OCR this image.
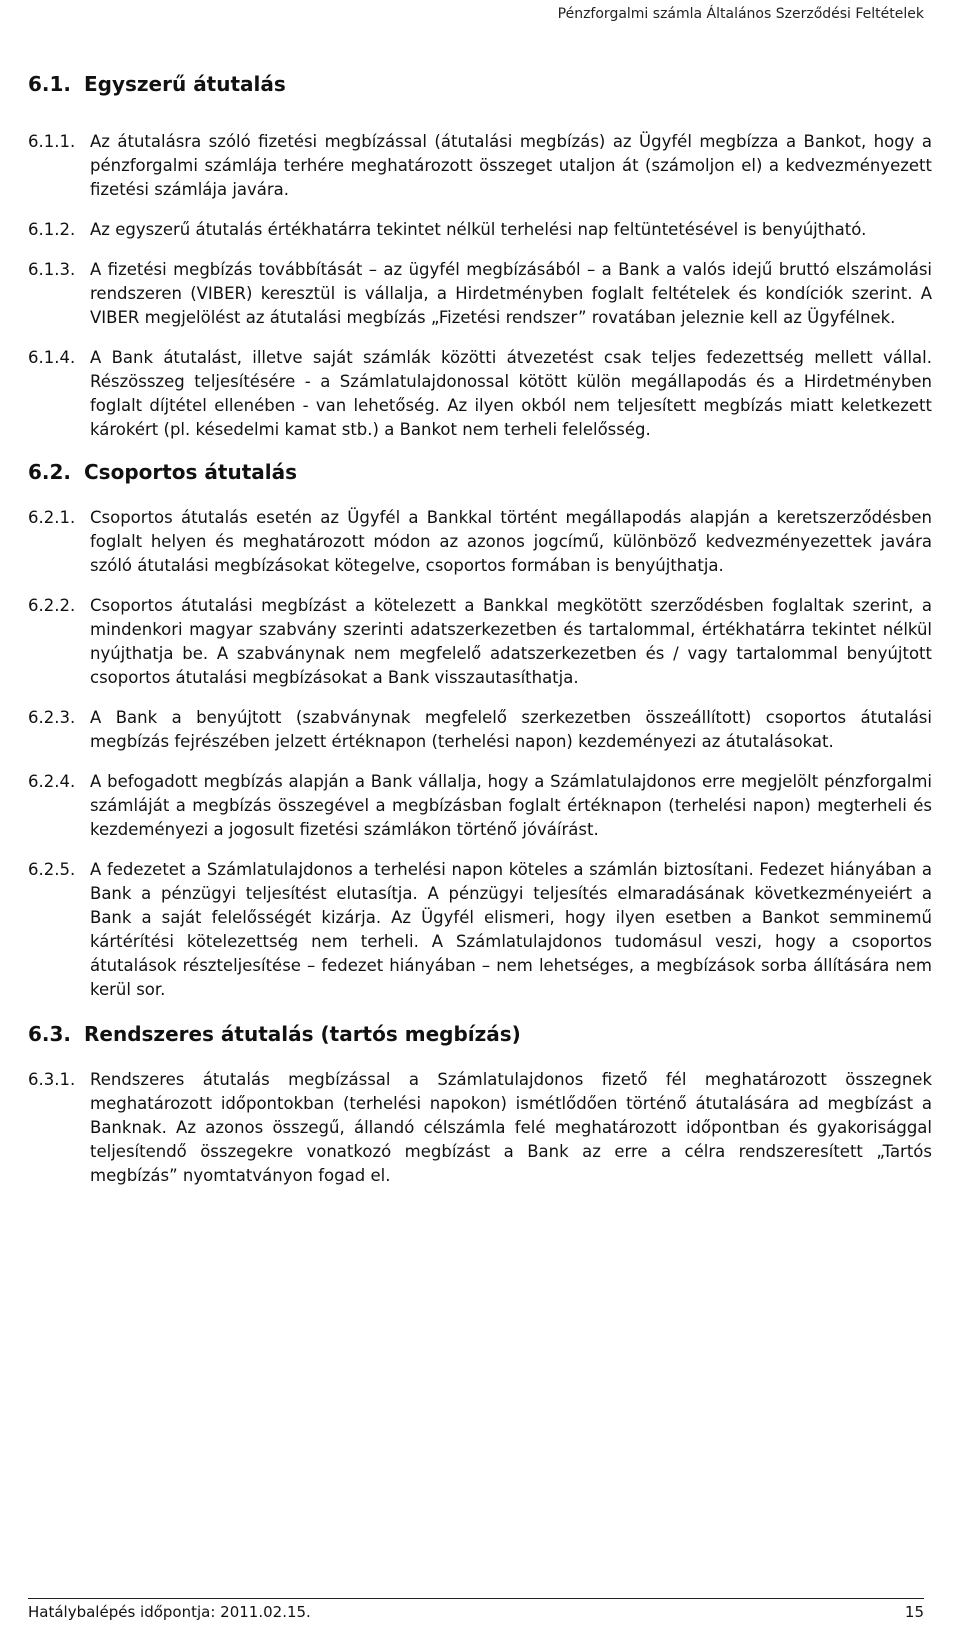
Pénzforgalmi számla Általános Szerződési Feltételek
6.1. Egyszerű átutalás

6.1.1. Az átutalásra szóló fizetési megbízással (átutalási megbízás) az Ügyfél megbízza a Bankot, hogy a pénzforgalmi számlája terhére meghatározott összeget utaljon át (számoljon el) a kedvezményezett fizetési számlája javára.

6.1.2. Az egyszerű átutalás értékhatárra tekintet nélkül terhelési nap feltüntetésével is benyújtható.

6.1.3. A fizetési megbízás továbbítását – az ügyfél megbízásából – a Bank a valós idejű bruttó elszámolási rendszeren (VIBER) keresztül is vállalja, a Hirdetményben foglalt feltételek és kondíciók szerint. A VIBER megjelölést az átutalási megbízás „Fizetési rendszer” rovatában jeleznie kell az Ügyfélnek.

6.1.4. A Bank átutalást, illetve saját számlák közötti átvezetést csak teljes fedezettség mellett vállal. Részösszeg teljesítésére - a Számlatulajdonossal kötött külön megállapodás és a Hirdetményben foglalt díjtétel ellenében - van lehetőség. Az ilyen okból nem teljesített megbízás miatt keletkezett károkért (pl. késedelmi kamat stb.) a Bankot nem terheli felelősség.

6.2. Csoportos átutalás

6.2.1. Csoportos átutalás esetén az Ügyfél a Bankkal történt megállapodás alapján a keretszerződésben foglalt helyen és meghatározott módon az azonos jogcímű, különböző kedvezményezettek javára szóló átutalási megbízásokat kötegelve, csoportos formában is benyújthatja.

6.2.2. Csoportos átutalási megbízást a kötelezett a Bankkal megkötött szerződésben foglaltak szerint, a mindenkori magyar szabvány szerinti adatszerkezetben és tartalommal, értékhatárra tekintet nélkül nyújthatja be. A szabványnak nem megfelelő adatszerkezetben és / vagy tartalommal benyújtott csoportos átutalási megbízásokat a Bank visszautasíthatja.

6.2.3. A Bank a benyújtott (szabványnak megfelelő szerkezetben összeállított) csoportos átutalási megbízás fejrészében jelzett értéknapon (terhelési napon) kezdeményezi az átutalásokat.

6.2.4. A befogadott megbízás alapján a Bank vállalja, hogy a Számlatulajdonos erre megjelölt pénzforgalmi számláját a megbízás összegével a megbízásban foglalt értéknapon (terhelési napon) megterheli és kezdeményezi a jogosult fizetési számlákon történő jóváírást.

6.2.5. A fedezetet a Számlatulajdonos a terhelési napon köteles a számlán biztosítani. Fedezet hiányában a Bank a pénzügyi teljesítést elutasítja. A pénzügyi teljesítés elmaradásának következményeiért a Bank a saját felelősségét kizárja. Az Ügyfél elismeri, hogy ilyen esetben a Bankot semminemű kártérítési kötelezettség nem terheli. A Számlatulajdonos tudomásul veszi, hogy a csoportos átutalások részteljesítése – fedezet hiányában – nem lehetséges, a megbízások sorba állítására nem kerül sor.

6.3. Rendszeres átutalás (tartós megbízás)

6.3.1. Rendszeres átutalás megbízással a Számlatulajdonos fizető fél meghatározott összegnek meghatározott időpontokban (terhelési napokon) ismétlődően történő átutalására ad megbízást a Banknak. Az azonos összegű, állandó célszámla felé meghatározott időpontban és gyakorisággal teljesítendő összegekre vonatkozó megbízást a Bank az erre a célra rendszeresített „Tartós megbízás” nyomtatványon fogad el.

Hatálybalépés időpontja: 2011.02.15.	15
